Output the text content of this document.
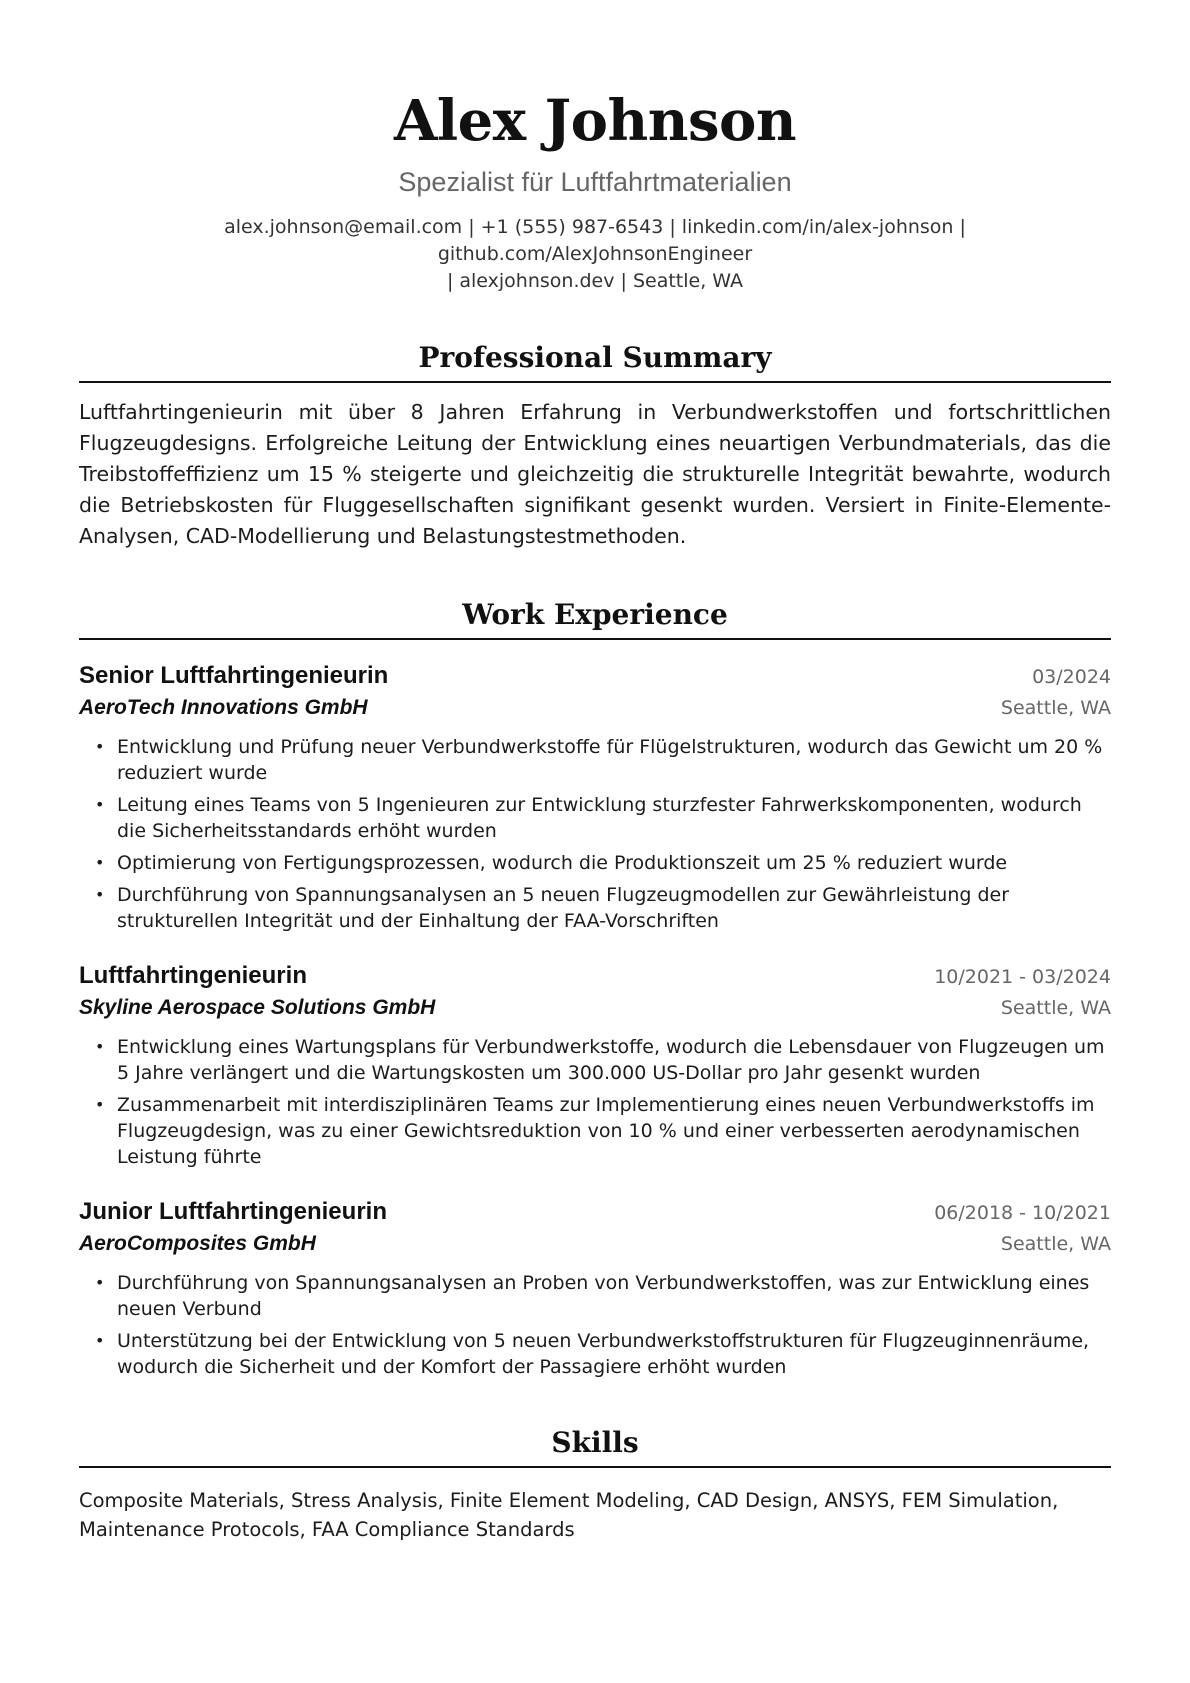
Alex Johnson
Spezialist für Luftfahrtmaterialien
alex.johnson@email.com | +1 (555) 987-6543 | linkedin.com/in/alex-johnson | github.com/AlexJohnsonEngineer
| alexjohnson.dev | Seattle, WA
Professional Summary

Luftfahrtingenieurin mit über 8 Jahren Erfahrung in Verbundwerkstoffen und fortschrittlichen Flugzeugdesigns. Erfolgreiche Leitung der Entwicklung eines neuartigen Verbundmaterials, das die Treibstoffeffizienz um 15 % steigerte und gleichzeitig die strukturelle Integrität bewahrte, wodurch die Betriebskosten für Fluggesellschaften signifikant gesenkt wurden. Versiert in Finite-Elemente-Analysen, CAD-Modellierung und Belastungstestmethoden.

Work Experience
Senior Luftfahrtingenieurin	03/2024
AeroTech Innovations GmbH	Seattle, WA
• Entwicklung und Prüfung neuer Verbundwerkstoffe für Flügelstrukturen, wodurch das Gewicht um 20 % reduziert wurde
• Leitung eines Teams von 5 Ingenieuren zur Entwicklung sturzfester Fahrwerkskomponenten, wodurch die Sicherheitsstandards erhöht wurden
• Optimierung von Fertigungsprozessen, wodurch die Produktionszeit um 25 % reduziert wurde
• Durchführung von Spannungsanalysen an 5 neuen Flugzeugmodellen zur Gewährleistung der strukturellen Integrität und der Einhaltung der FAA-Vorschriften
Luftfahrtingenieurin	10/2021 - 03/2024
Skyline Aerospace Solutions GmbH	Seattle, WA
• Entwicklung eines Wartungsplans für Verbundwerkstoffe, wodurch die Lebensdauer von Flugzeugen um 5 Jahre verlängert und die Wartungskosten um 300.000 US-Dollar pro Jahr gesenkt wurden
• Zusammenarbeit mit interdisziplinären Teams zur Implementierung eines neuen Verbundwerkstoffs im Flugzeugdesign, was zu einer Gewichtsreduktion von 10 % und einer verbesserten aerodynamischen Leistung führte
Junior Luftfahrtingenieurin	06/2018 - 10/2021
AeroComposites GmbH	Seattle, WA
• Durchführung von Spannungsanalysen an Proben von Verbundwerkstoffen, was zur Entwicklung eines neuen Verbund
• Unterstützung bei der Entwicklung von 5 neuen Verbundwerkstoffstrukturen für Flugzeuginnenräume, wodurch die Sicherheit und der Komfort der Passagiere erhöht wurden
Skills

Composite Materials, Stress Analysis, Finite Element Modeling, CAD Design, ANSYS, FEM Simulation, Maintenance Protocols, FAA Compliance Standards
